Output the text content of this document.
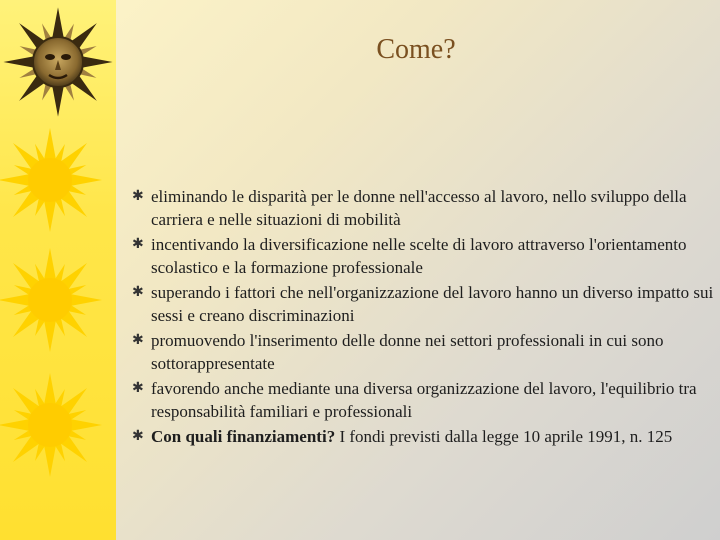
Come?
✱ eliminando le disparità per le donne nell'accesso al lavoro, nello sviluppo della carriera e nelle situazioni di mobilità
✱ incentivando la diversificazione nelle scelte di lavoro attraverso l'orientamento scolastico e la formazione professionale
✱ superando i fattori che nell'organizzazione del lavoro hanno un diverso impatto sui sessi e creano discriminazioni
✱ promuovendo l'inserimento delle donne nei settori professionali in cui sono sottorappresentate
✱ favorendo anche mediante una diversa organizzazione del lavoro, l'equilibrio tra responsabilità familiari e professionali
✱ Con quali finanziamenti? I fondi previsti dalla legge 10 aprile 1991, n. 125
